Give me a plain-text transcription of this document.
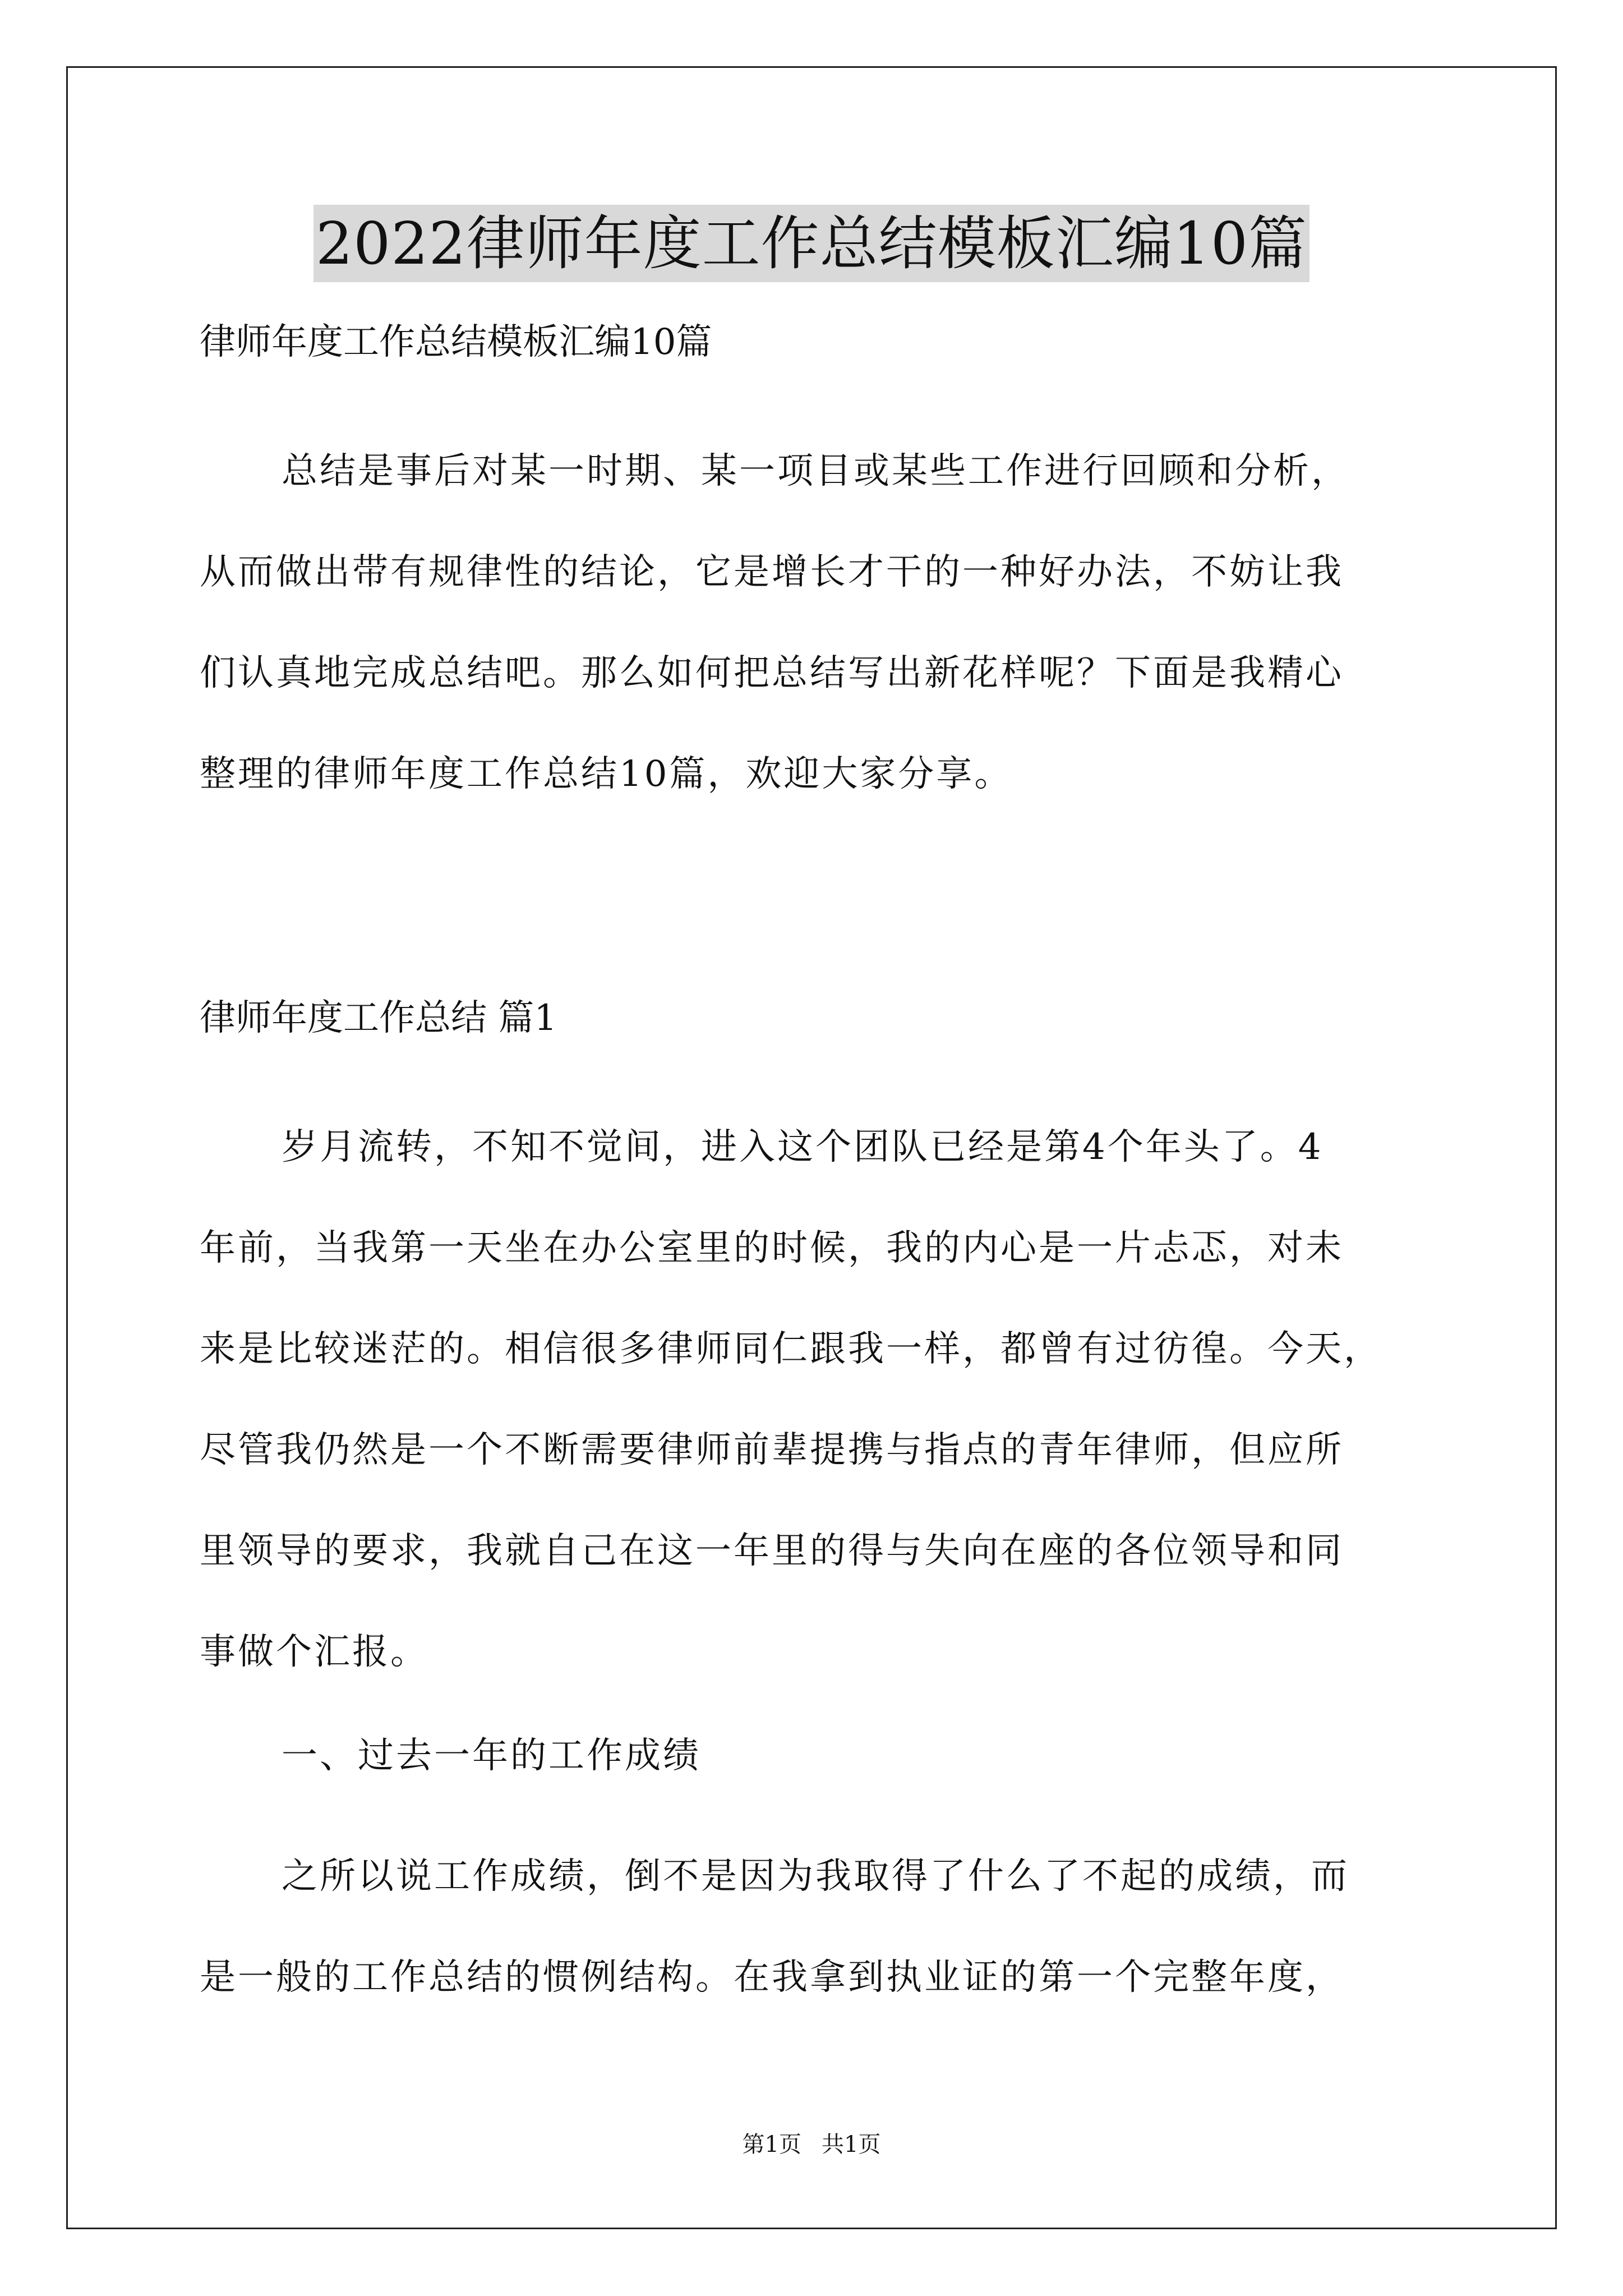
2022律师年度工作总结模板汇编10篇
律师年度工作总结模板汇编10篇
总结是事后对某一时期、某一项目或某些工作进行回顾和分析，
从而做出带有规律性的结论，它是增长才干的一种好办法，不妨让我
们认真地完成总结吧。那么如何把总结写出新花样呢？下面是我精心
整理的律师年度工作总结10篇，欢迎大家分享。
律师年度工作总结 篇1
岁月流转，不知不觉间，进入这个团队已经是第4个年头了。4
年前，当我第一天坐在办公室里的时候，我的内心是一片忐忑，对未
来是比较迷茫的。相信很多律师同仁跟我一样，都曾有过彷徨。今天，
尽管我仍然是一个不断需要律师前辈提携与指点的青年律师，但应所
里领导的要求，我就自己在这一年里的得与失向在座的各位领导和同
事做个汇报。
一、过去一年的工作成绩
之所以说工作成绩，倒不是因为我取得了什么了不起的成绩，而
是一般的工作总结的惯例结构。在我拿到执业证的第一个完整年度，
第1页 共1页
